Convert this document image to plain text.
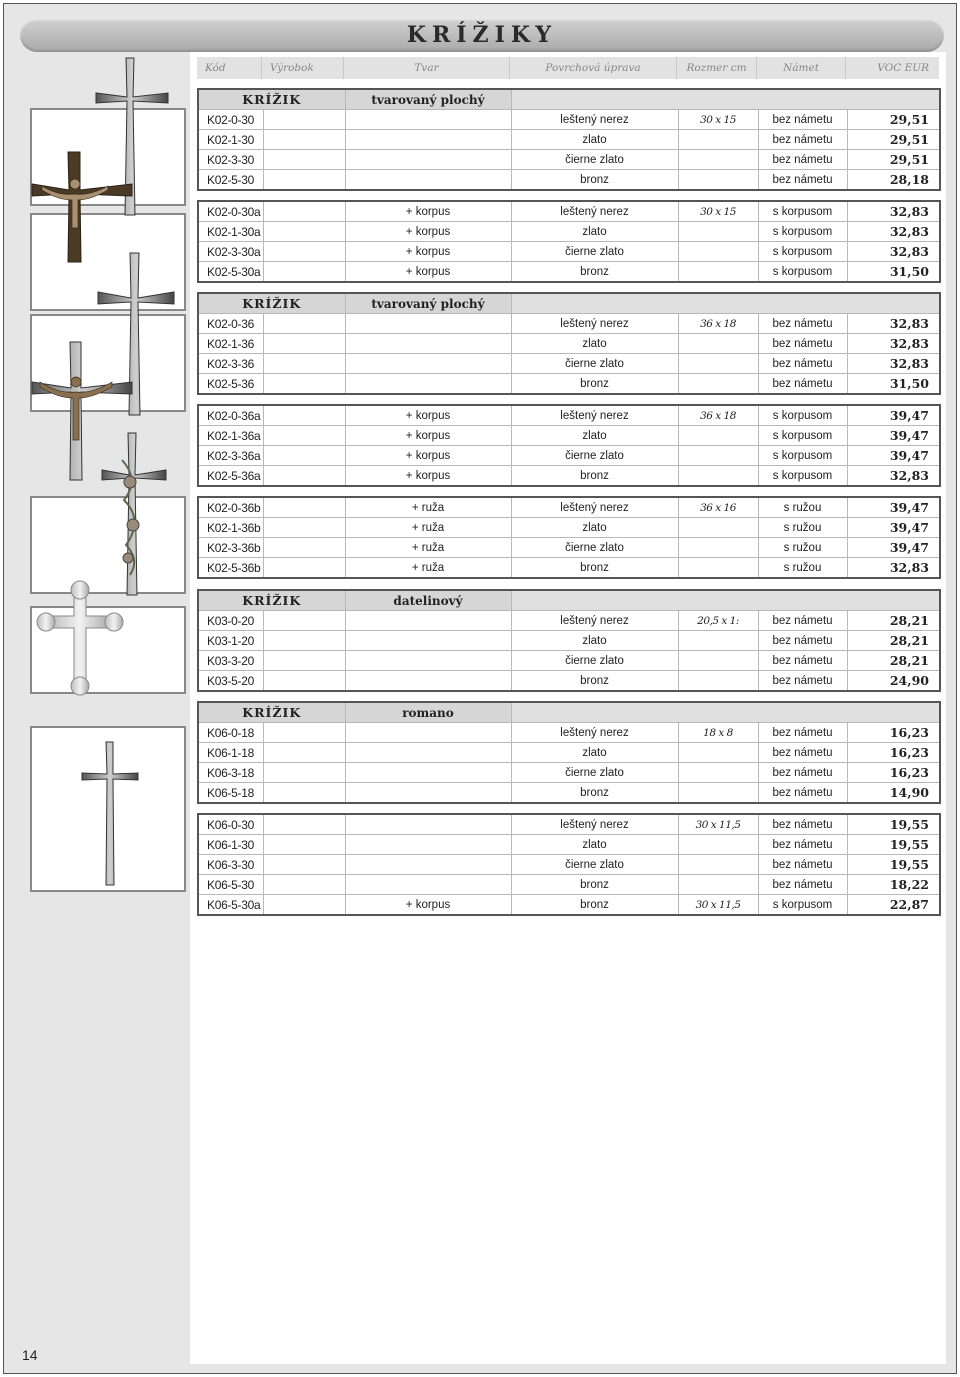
KRÍŽIKY
Kód	Výrobok	Tvar	Povrchová úprava	Rozmer cm	Námet	VOC EUR
KRÍŽIK		tvarovaný plochý				
K02-0-30			leštený nerez	30 x 15	bez námetu	29,51
K02-1-30			zlato		bez námetu	29,51
K02-3-30			čierne zlato		bez námetu	29,51
K02-5-30			bronz		bez námetu	28,18
K02-0-30a		+ korpus	leštený nerez	30 x 15	s korpusom	32,83
K02-1-30a		+ korpus	zlato		s korpusom	32,83
K02-3-30a		+ korpus	čierne zlato		s korpusom	32,83
K02-5-30a		+ korpus	bronz		s korpusom	31,50
KRÍŽIK		tvarovaný plochý				
K02-0-36			leštený nerez	36 x 18	bez námetu	32,83
K02-1-36			zlato		bez námetu	32,83
K02-3-36			čierne zlato		bez námetu	32,83
K02-5-36			bronz		bez námetu	31,50
K02-0-36a		+ korpus	leštený nerez	36 x 18	s korpusom	39,47
K02-1-36a		+ korpus	zlato		s korpusom	39,47
K02-3-36a		+ korpus	čierne zlato		s korpusom	39,47
K02-5-36a		+ korpus	bronz		s korpusom	32,83
K02-0-36b		+ ruža	leštený nerez	36 x 16	s ružou	39,47
K02-1-36b		+ ruža	zlato		s ružou	39,47
K02-3-36b		+ ruža	čierne zlato		s ružou	39,47
K02-5-36b		+ ruža	bronz		s ružou	32,83
KRÍŽIK		datelinový				
K03-0-20			leštený nerez	20,5 x 1:	bez námetu	28,21
K03-1-20			zlato		bez námetu	28,21
K03-3-20			čierne zlato		bez námetu	28,21
K03-5-20			bronz		bez námetu	24,90
KRÍŽIK		romano				
K06-0-18			leštený nerez	18 x 8	bez námetu	16,23
K06-1-18			zlato		bez námetu	16,23
K06-3-18			čierne zlato		bez námetu	16,23
K06-5-18			bronz		bez námetu	14,90
K06-0-30			leštený nerez	30 x 11,5	bez námetu	19,55
K06-1-30			zlato		bez námetu	19,55
K06-3-30			čierne zlato		bez námetu	19,55
K06-5-30			bronz		bez námetu	18,22
K06-5-30a		+ korpus	bronz	30 x 11,5	s korpusom	22,87
14
